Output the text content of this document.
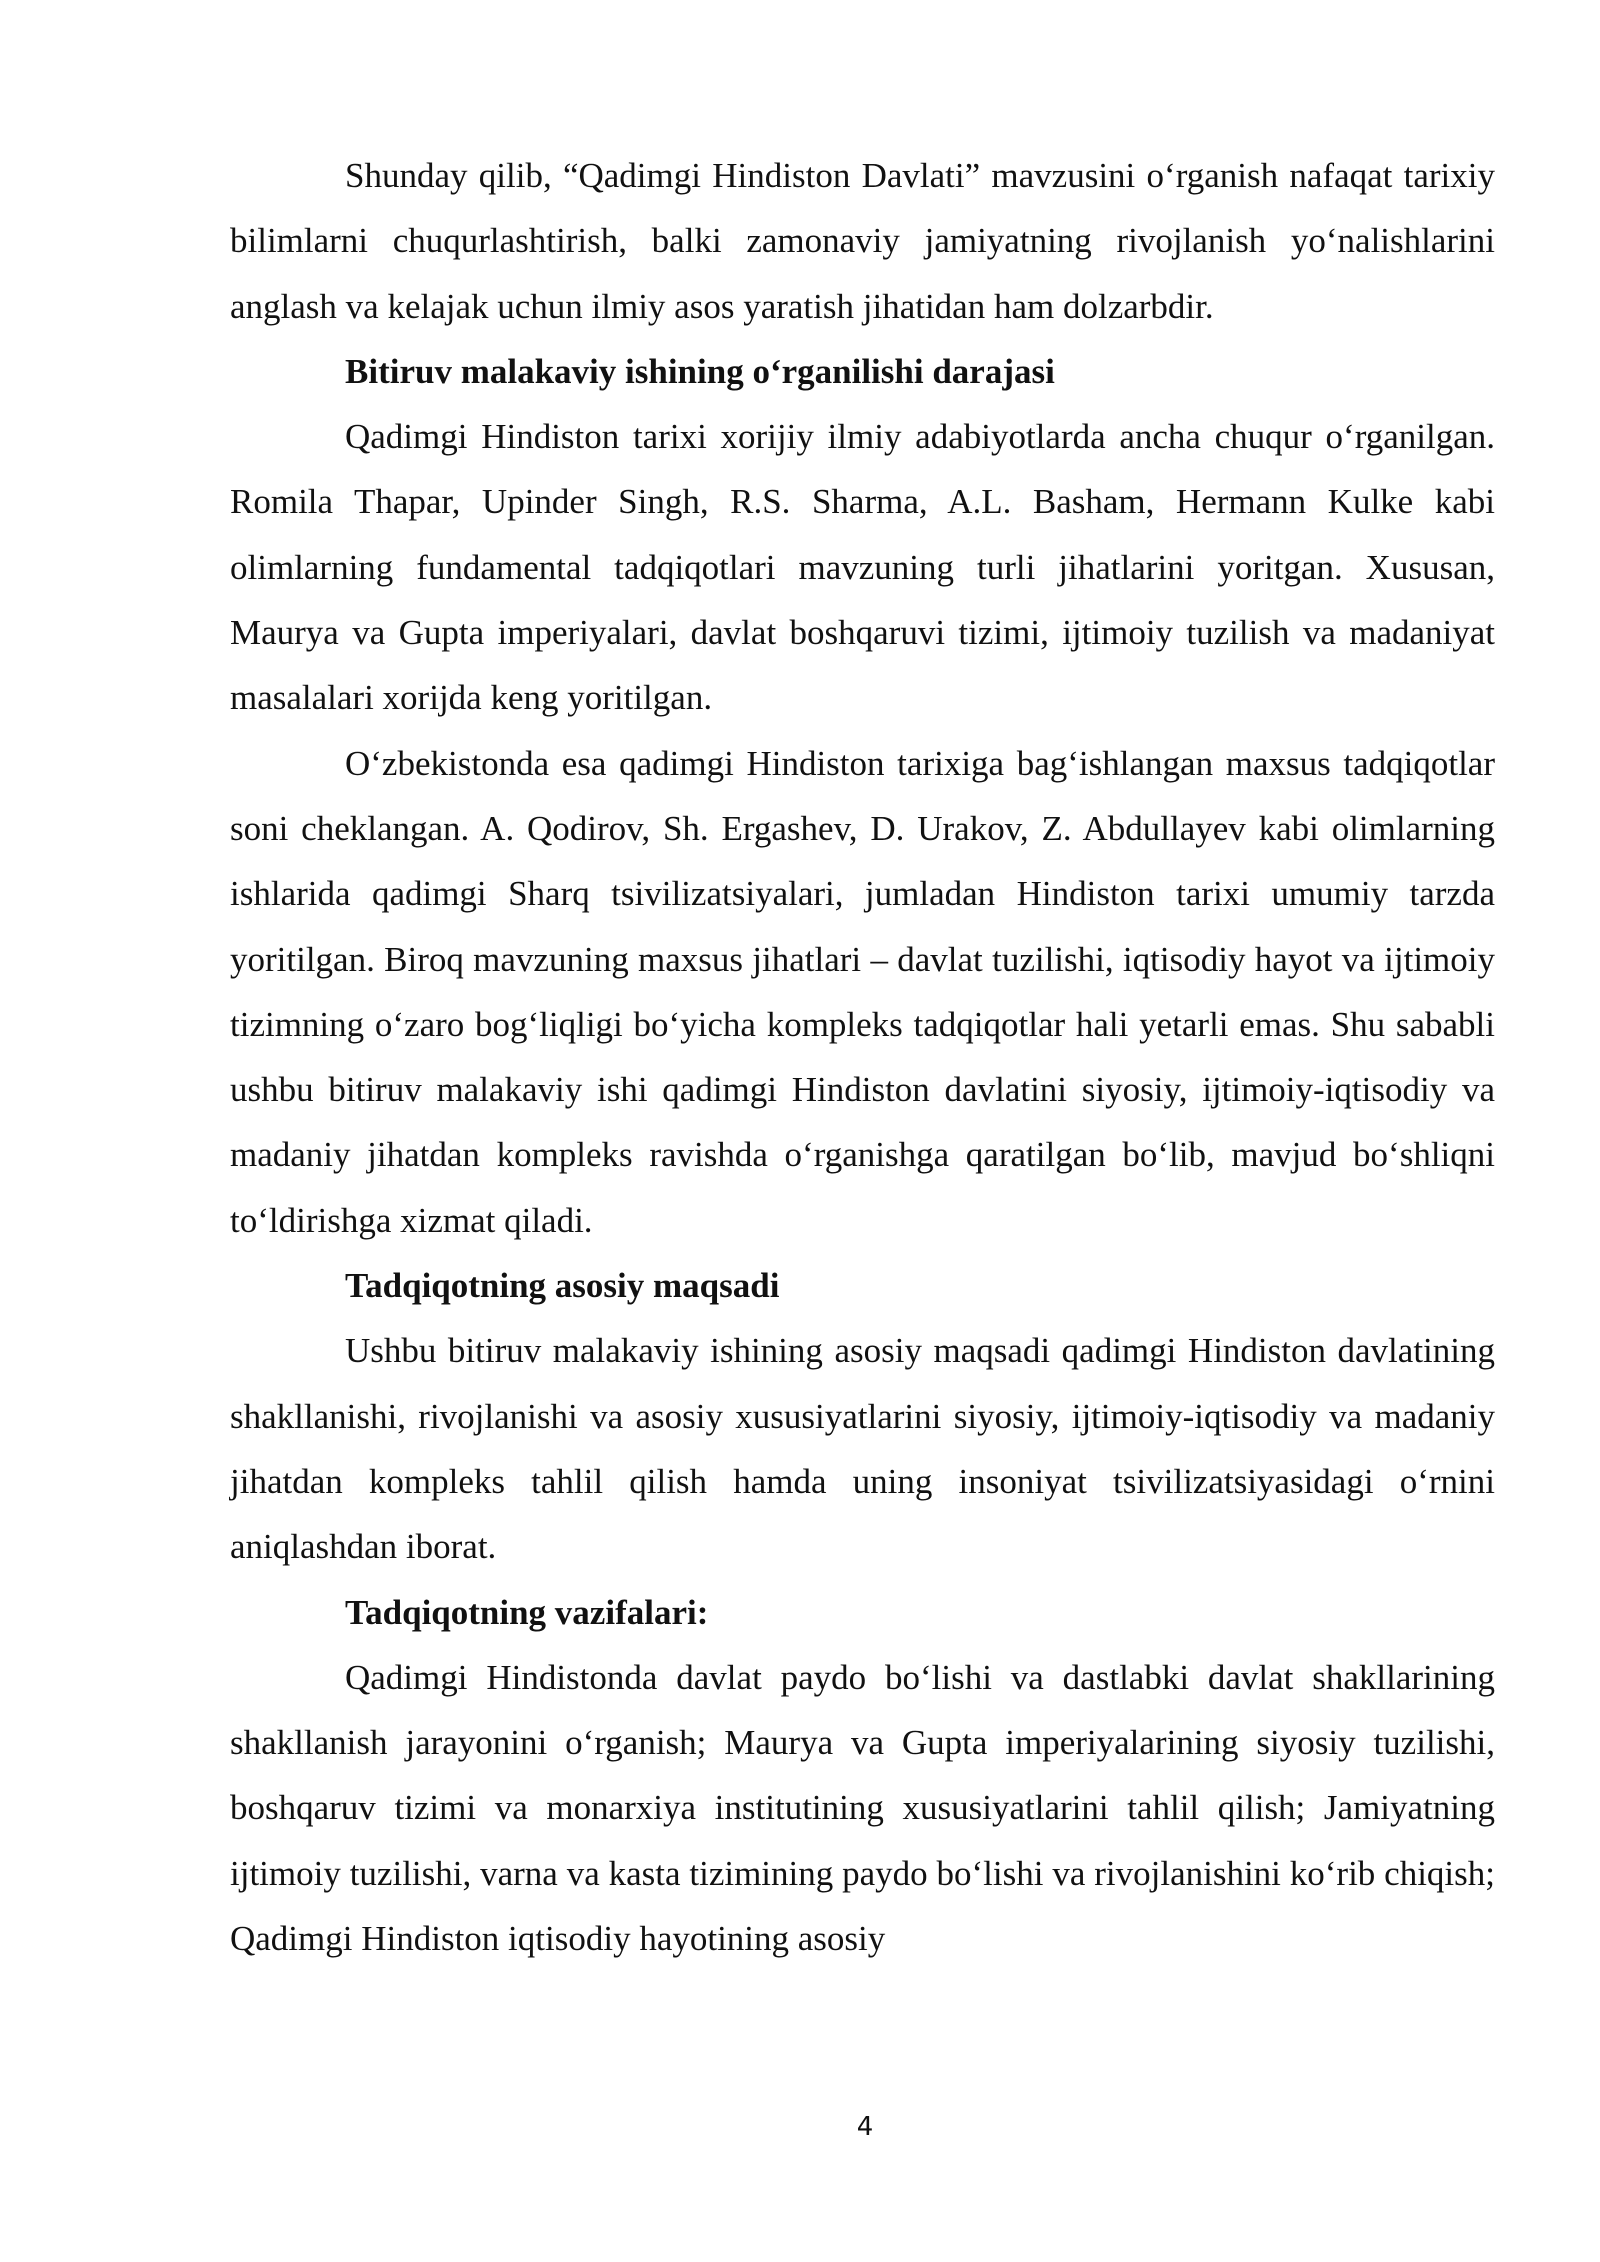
Shunday qilib, “Qadimgi Hindiston Davlati” mavzusini o‘rganish nafaqat tarixiy bilimlarni chuqurlashtirish, balki zamonaviy jamiyatning rivojlanish yo‘nalishlarini anglash va kelajak uchun ilmiy asos yaratish jihatidan ham dolzarbdir.

Bitiruv malakaviy ishining o‘rganilishi darajasi

Qadimgi Hindiston tarixi xorijiy ilmiy adabiyotlarda ancha chuqur o‘rganilgan. Romila Thapar, Upinder Singh, R.S. Sharma, A.L. Basham, Hermann Kulke kabi olimlarning fundamental tadqiqotlari mavzuning turli jihatlarini yoritgan. Xususan, Maurya va Gupta imperiyalari, davlat boshqaruvi tizimi, ijtimoiy tuzilish va madaniyat masalalari xorijda keng yoritilgan.

O‘zbekistonda esa qadimgi Hindiston tarixiga bag‘ishlangan maxsus tadqiqotlar soni cheklangan. A. Qodirov, Sh. Ergashev, D. Urakov, Z. Abdullayev kabi olimlarning ishlarida qadimgi Sharq tsivilizatsiyalari, jumladan Hindiston tarixi umumiy tarzda yoritilgan. Biroq mavzuning maxsus jihatlari – davlat tuzilishi, iqtisodiy hayot va ijtimoiy tizimning o‘zaro bog‘liqligi bo‘yicha kompleks tadqiqotlar hali yetarli emas. Shu sababli ushbu bitiruv malakaviy ishi qadimgi Hindiston davlatini siyosiy, ijtimoiy-iqtisodiy va madaniy jihatdan kompleks ravishda o‘rganishga qaratilgan bo‘lib, mavjud bo‘shliqni to‘ldirishga xizmat qiladi.

Tadqiqotning asosiy maqsadi

Ushbu bitiruv malakaviy ishining asosiy maqsadi qadimgi Hindiston davlatining shakllanishi, rivojlanishi va asosiy xususiyatlarini siyosiy, ijtimoiy-iqtisodiy va madaniy jihatdan kompleks tahlil qilish hamda uning insoniyat tsivilizatsiyasidagi o‘rnini aniqlashdan iborat.

Tadqiqotning vazifalari:

Qadimgi Hindistonda davlat paydo bo‘lishi va dastlabki davlat shakllarining shakllanish jarayonini o‘rganish; Maurya va Gupta imperiyalarining siyosiy tuzilishi, boshqaruv tizimi va monarxiya institutining xususiyatlarini tahlil qilish; Jamiyatning ijtimoiy tuzilishi, varna va kasta tizimining paydo bo‘lishi va rivojlanishini ko‘rib chiqish; Qadimgi Hindiston iqtisodiy hayotining asosiy

4
